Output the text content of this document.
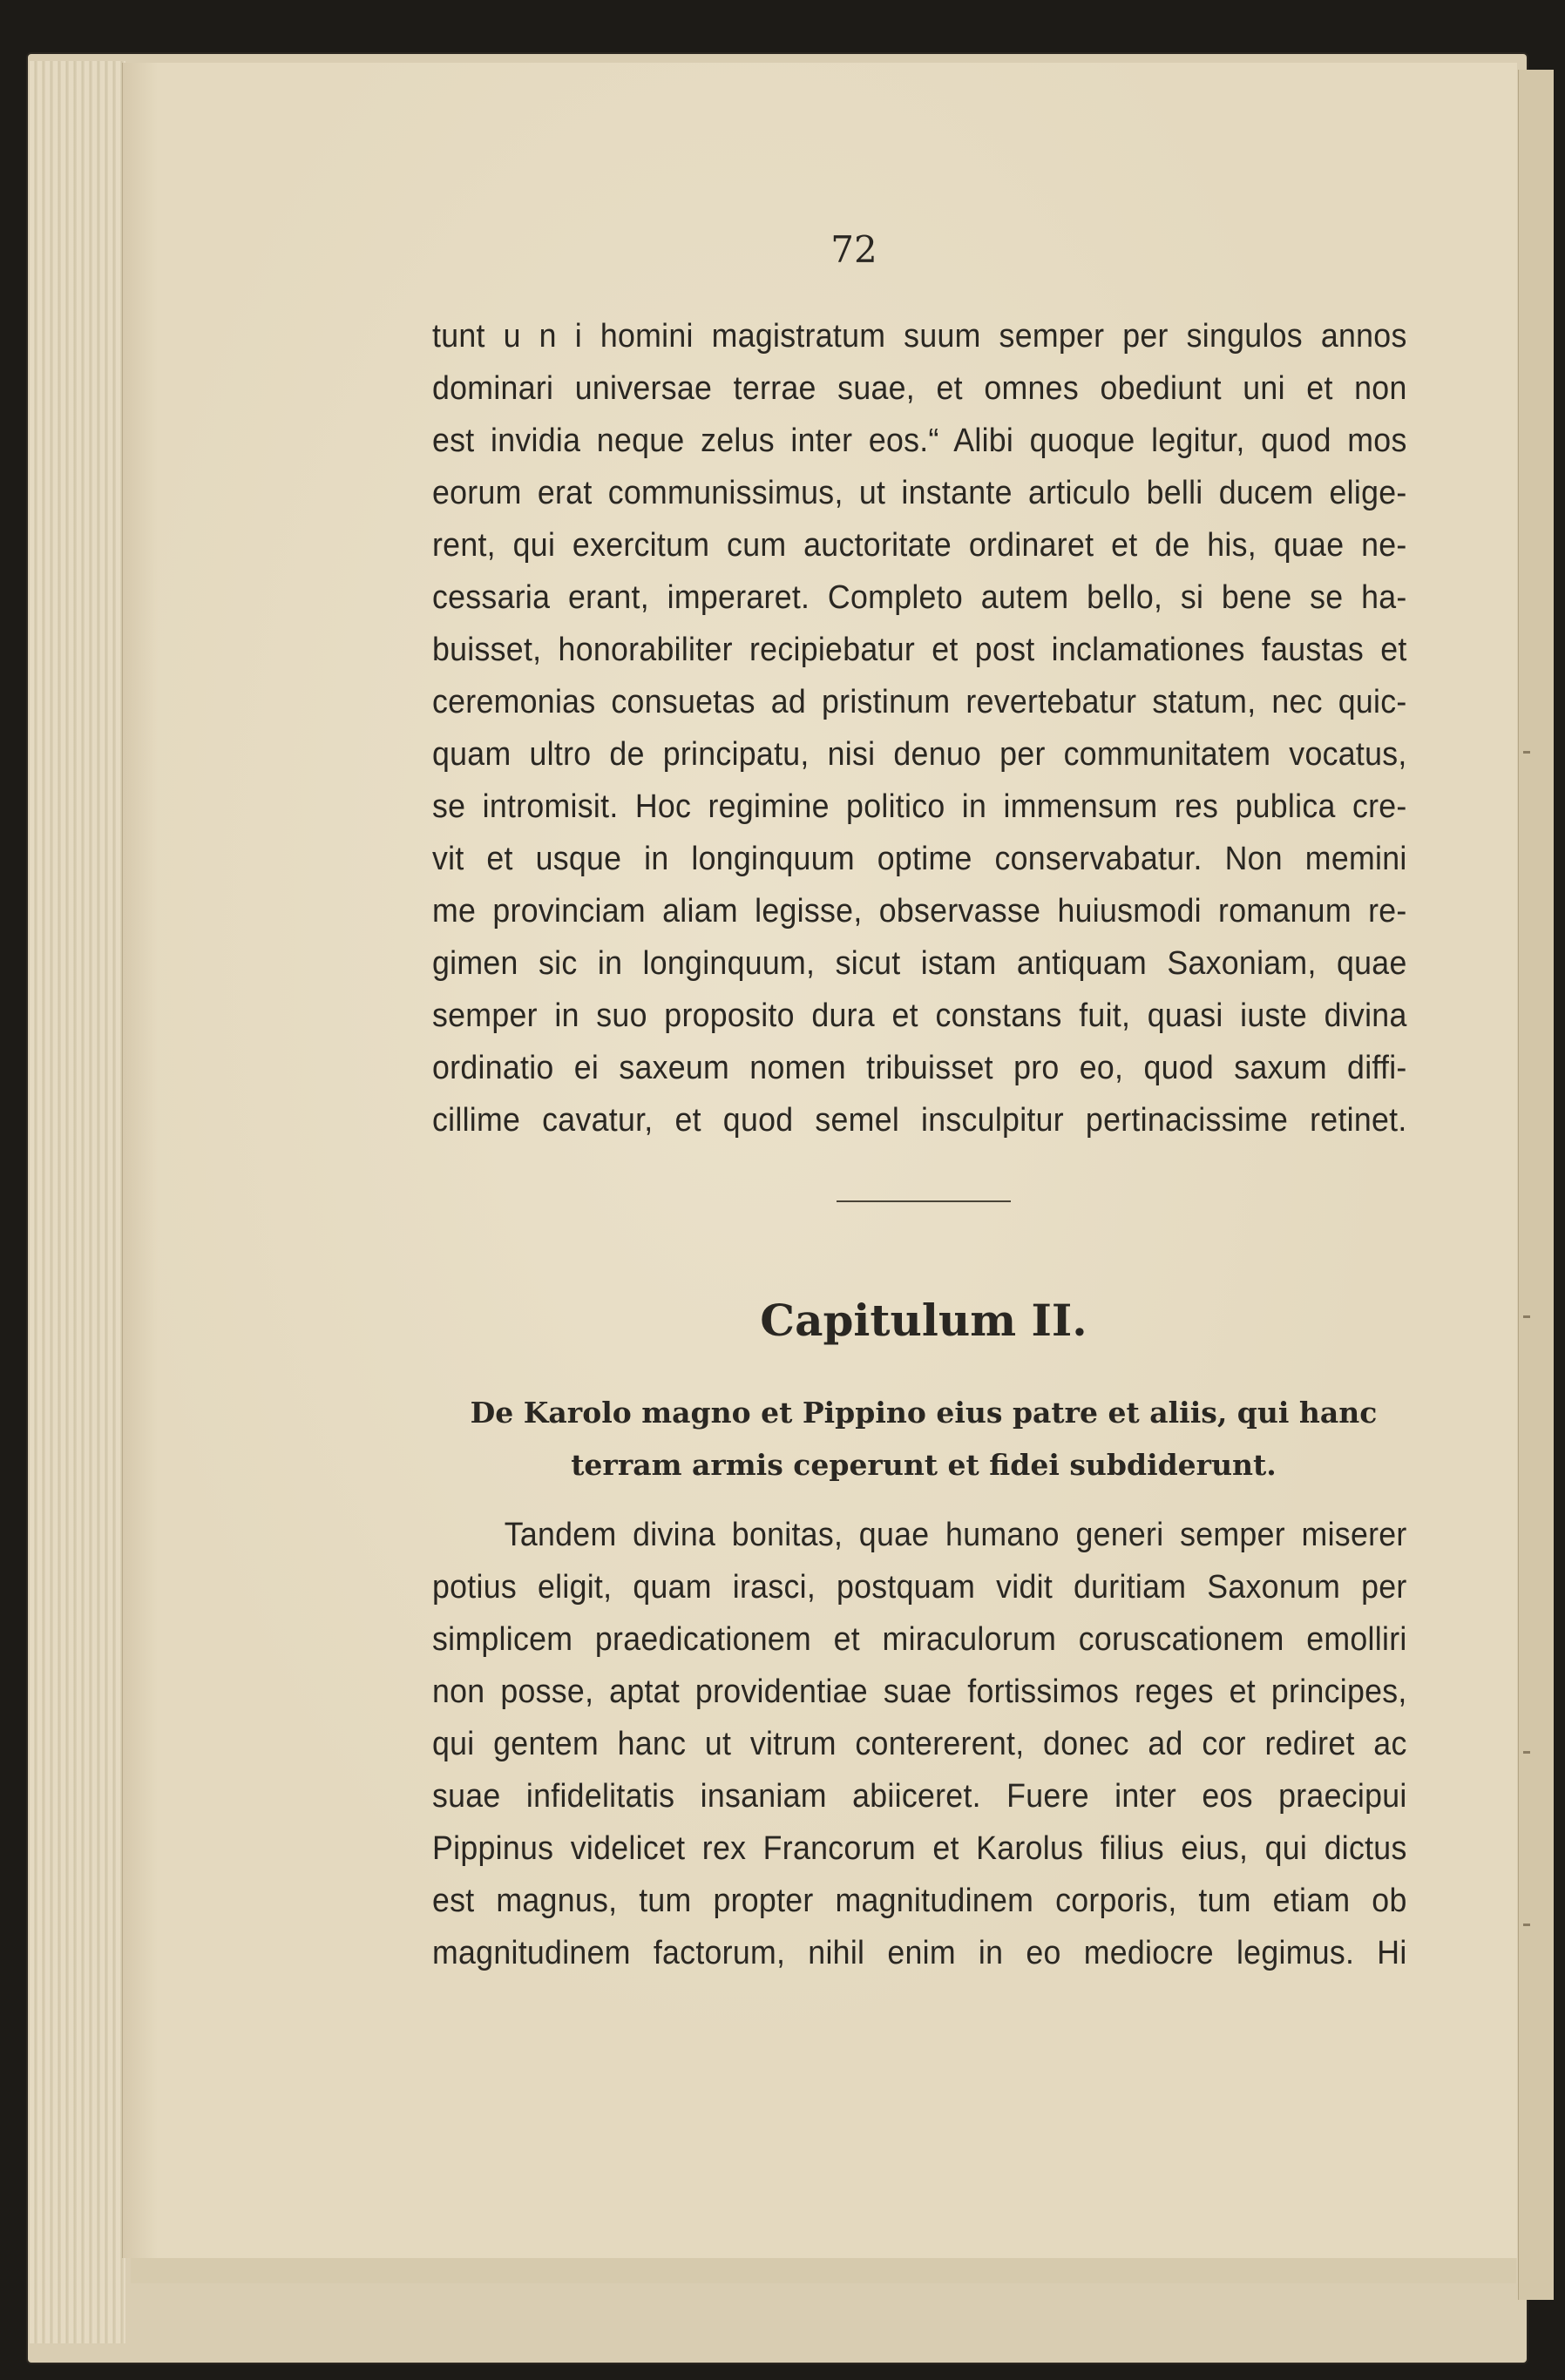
72
tunt u n i homini magistratum suum semper per singulos annos
dominari universae terrae suae, et omnes obediunt uni et non
est invidia neque zelus inter eos.“ Alibi quoque legitur, quod mos
eorum erat communissimus, ut instante articulo belli ducem elige-
rent, qui exercitum cum auctoritate ordinaret et de his, quae ne-
cessaria erant, imperaret. Completo autem bello, si bene se ha-
buisset, honorabiliter recipiebatur et post inclamationes faustas et
ceremonias consuetas ad pristinum revertebatur statum, nec quic-
quam ultro de principatu, nisi denuo per communitatem vocatus,
se intromisit. Hoc regimine politico in immensum res publica cre-
vit et usque in longinquum optime conservabatur. Non memini
me provinciam aliam legisse, observasse huiusmodi romanum re-
gimen sic in longinquum, sicut istam antiquam Saxoniam, quae
semper in suo proposito dura et constans fuit, quasi iuste divina
ordinatio ei saxeum nomen tribuisset pro eo, quod saxum diffi-
cillime cavatur, et quod semel insculpitur pertinacissime retinet.
Capitulum II.
De Karolo magno et Pippino eius patre et aliis, qui hanc
terram armis ceperunt et fidei subdiderunt.
Tandem divina bonitas, quae humano generi semper miserer
potius eligit, quam irasci, postquam vidit duritiam Saxonum per
simplicem praedicationem et miraculorum coruscationem emolliri
non posse, aptat providentiae suae fortissimos reges et principes,
qui gentem hanc ut vitrum contererent, donec ad cor rediret ac
suae infidelitatis insaniam abiiceret. Fuere inter eos praecipui
Pippinus videlicet rex Francorum et Karolus filius eius, qui dictus
est magnus, tum propter magnitudinem corporis, tum etiam ob
magnitudinem factorum, nihil enim in eo mediocre legimus. Hi
